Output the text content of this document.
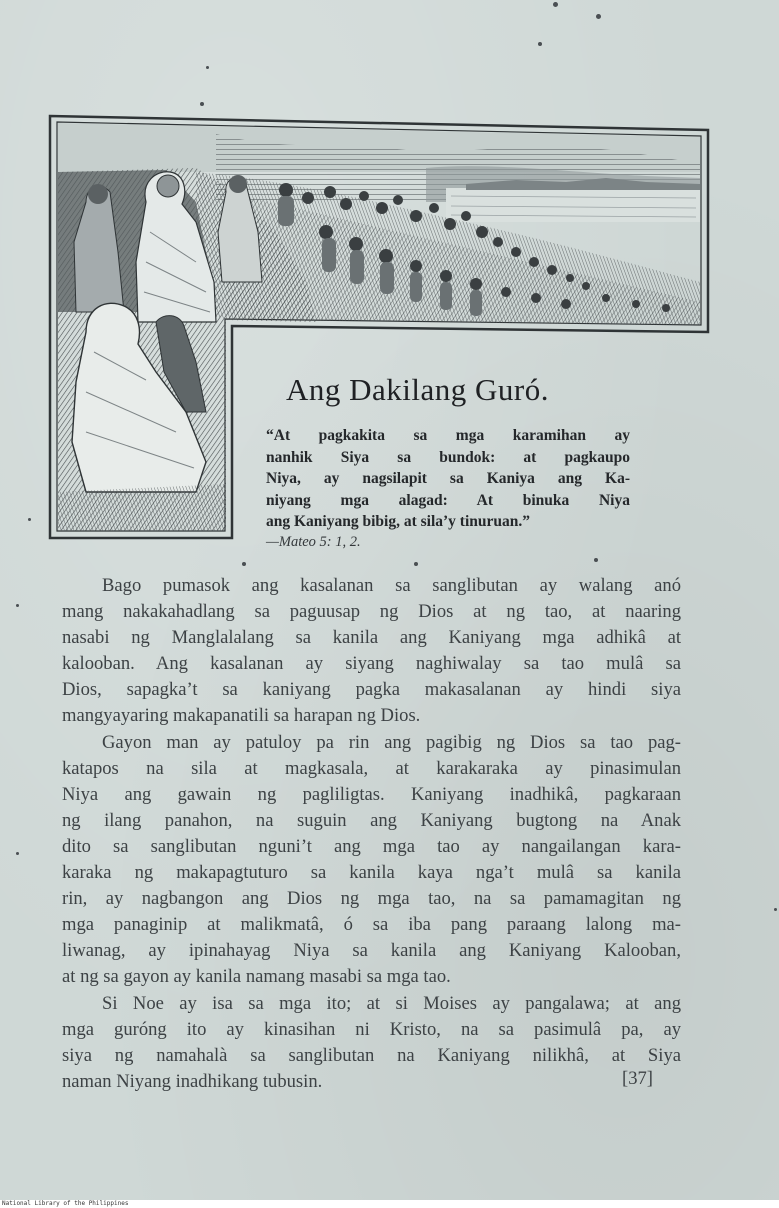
Ang Dakilang Guró.
“At pagkakita sa mga karamihan ay
nanhik Siya sa bundok: at pagkaupo
Niya, ay nagsilapit sa Kaniya ang Ka-
niyang mga alagad: At binuka Niya
ang Kaniyang bibig, at sila’y tinuruan.”
—Mateo 5: 1, 2.
Bago pumasok ang kasalanan sa sanglibutan ay walang anó
mang nakakahadlang sa paguusap ng Dios at ng tao, at naaring
nasabi ng Manglalalang sa kanila ang Kaniyang mga adhikâ at
kalooban. Ang kasalanan ay siyang naghiwalay sa tao mulâ sa
Dios, sapagka’t sa kaniyang pagka makasalanan ay hindi siya
mangyayaring makapanatili sa harapan ng Dios.
Gayon man ay patuloy pa rin ang pagibig ng Dios sa tao pag-
katapos na sila at magkasala, at karakaraka ay pinasimulan
Niya ang gawain ng pagliligtas. Kaniyang inadhikâ, pagkaraan
ng ilang panahon, na suguin ang Kaniyang bugtong na Anak
dito sa sanglibutan nguni’t ang mga tao ay nangailangan kara-
karaka ng makapagtuturo sa kanila kaya nga’t mulâ sa kanila
rin, ay nagbangon ang Dios ng mga tao, na sa pamamagitan ng
mga panaginip at malikmatâ, ó sa iba pang paraang lalong ma-
liwanag, ay ipinahayag Niya sa kanila ang Kaniyang Kalooban,
at ng sa gayon ay kanila namang masabi sa mga tao.
Si Noe ay isa sa mga ito; at si Moises ay pangalawa; at ang
mga guróng ito ay kinasihan ni Kristo, na sa pasimulâ pa, ay
siya ng namahalà sa sanglibutan na Kaniyang nilikhâ, at Siya
naman Niyang inadhikang tubusin.	[37]
National Library of the Philippines
